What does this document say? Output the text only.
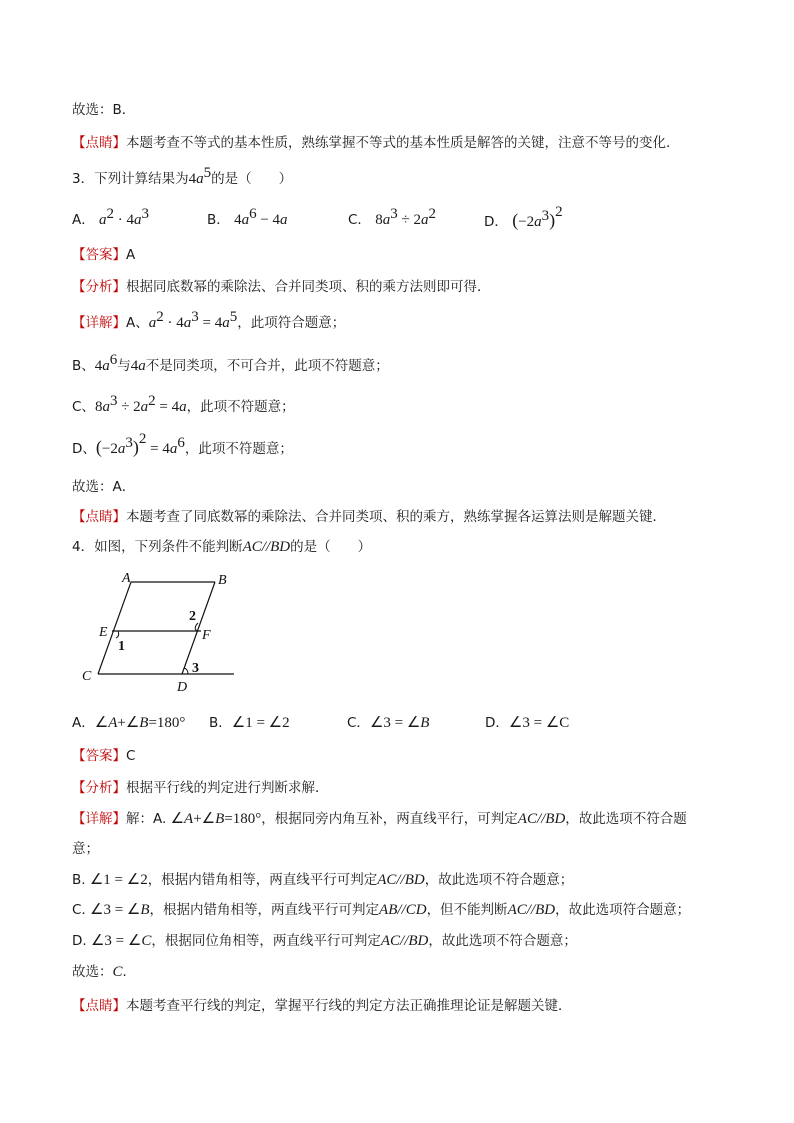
故选：B．
【点睛】本题考查不等式的基本性质，熟练掌握不等式的基本性质是解答的关键，注意不等号的变化．
3．下列计算结果为$4a^5$的是（　　）
A． $a^2 \cdot 4a^3$	B． $4a^6 - 4a$	C． $8a^3 \div 2a^2$	D． $(-2a^3)^2$
【答案】A
【分析】根据同底数幂的乘除法、合并同类项、积的乘方法则即可得．
【详解】A、$a^2 \cdot 4a^3 = 4a^5$，此项符合题意；
B、$4a^6$与4a不是同类项，不可合并，此项不符题意；
C、$8a^3 \div 2a^2 = 4a$，此项不符题意；
D、$(-2a^3)^2 = 4a^6$，此项不符题意；
故选：A．
【点睛】本题考查了同底数幂的乘除法、合并同类项、积的乘方，熟练掌握各运算法则是解题关键．
4．如图，下列条件不能判断AC//BD的是（　　）
A	B
E	F
C
D
1
2
3
A．∠A+∠B=180° B．∠1 = ∠2	C．∠3 = ∠B	D．∠3 = ∠C
【答案】C
【分析】根据平行线的判定进行判断求解．
【详解】解：A. ∠A+∠B=180°，根据同旁内角互补，两直线平行，可判定AC//BD，故此选项不符合题
意；
B. ∠1 = ∠2，根据内错角相等，两直线平行可判定AC//BD，故此选项不符合题意；
C. ∠3 = ∠B，根据内错角相等，两直线平行可判定AB//CD，但不能判断AC//BD，故此选项符合题意；
D. ∠3 = ∠C，根据同位角相等，两直线平行可判定AC//BD，故此选项不符合题意；
故选：C．
【点睛】本题考查平行线的判定，掌握平行线的判定方法正确推理论证是解题关键．
